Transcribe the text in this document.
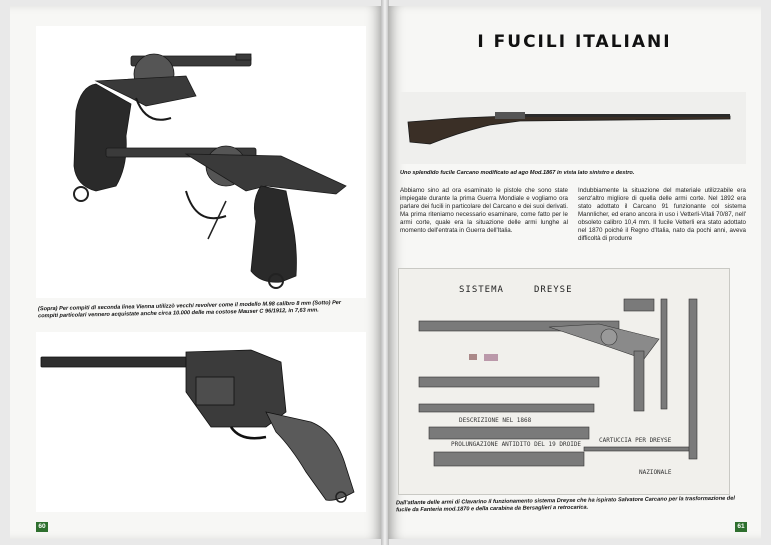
(Sopra) Per compiti di seconda linea Vienna utilizzò vecchi revolver come il modello M.98 calibro 8 mm (Sotto) Per compiti particolari vennero acquistate anche circa 10.000 delle ma costose Mauser C 96/1912, in 7,63 mm.
60
I FUCILI ITALIANI
Uno splendido fucile Carcano modificato ad ago Mod.1867 in vista lato sinistro e destro.
Abbiamo sino ad ora esaminato le pistole che sono state impiegate durante la prima Guerra Mondiale e vogliamo ora parlare dei fucili in particolare del Carcano e dei suoi derivati. Ma prima riteniamo necessario esaminare, come fatto per le armi corte, quale era la situazione delle armi lunghe al momento dell'entrata in Guerra dell'Italia.
Indubbiamente la situazione del materiale utilizzabile era senz'altro migliore di quella delle armi corte. Nel 1892 era stato adottato il Carcano 91 funzionante col sistema Mannlicher, ed erano ancora in uso i Vetterli-Vitali 70/87, nell' obsoleto calibro 10,4 mm. Il fucile Vetterli era stato adottato nel 1870 poiché il Regno d'Italia, nato da pochi anni, aveva difficoltà di produrre
SISTEMA	DREYSE
DESCRIZIONE NEL 1868
PROLUNGAZIONE ANTIDITO DEL 19 DROIDE
CARTUCCIA PER DREYSE
NAZIONALE
Dall'atlante delle armi di Clavarino il funzionamento sistema Dreyse che ha ispirato Salvatore Carcano per la trasformazione del fucile da Fanteria mod.1870 e della carabina da Bersaglieri a retrocarica.
61
